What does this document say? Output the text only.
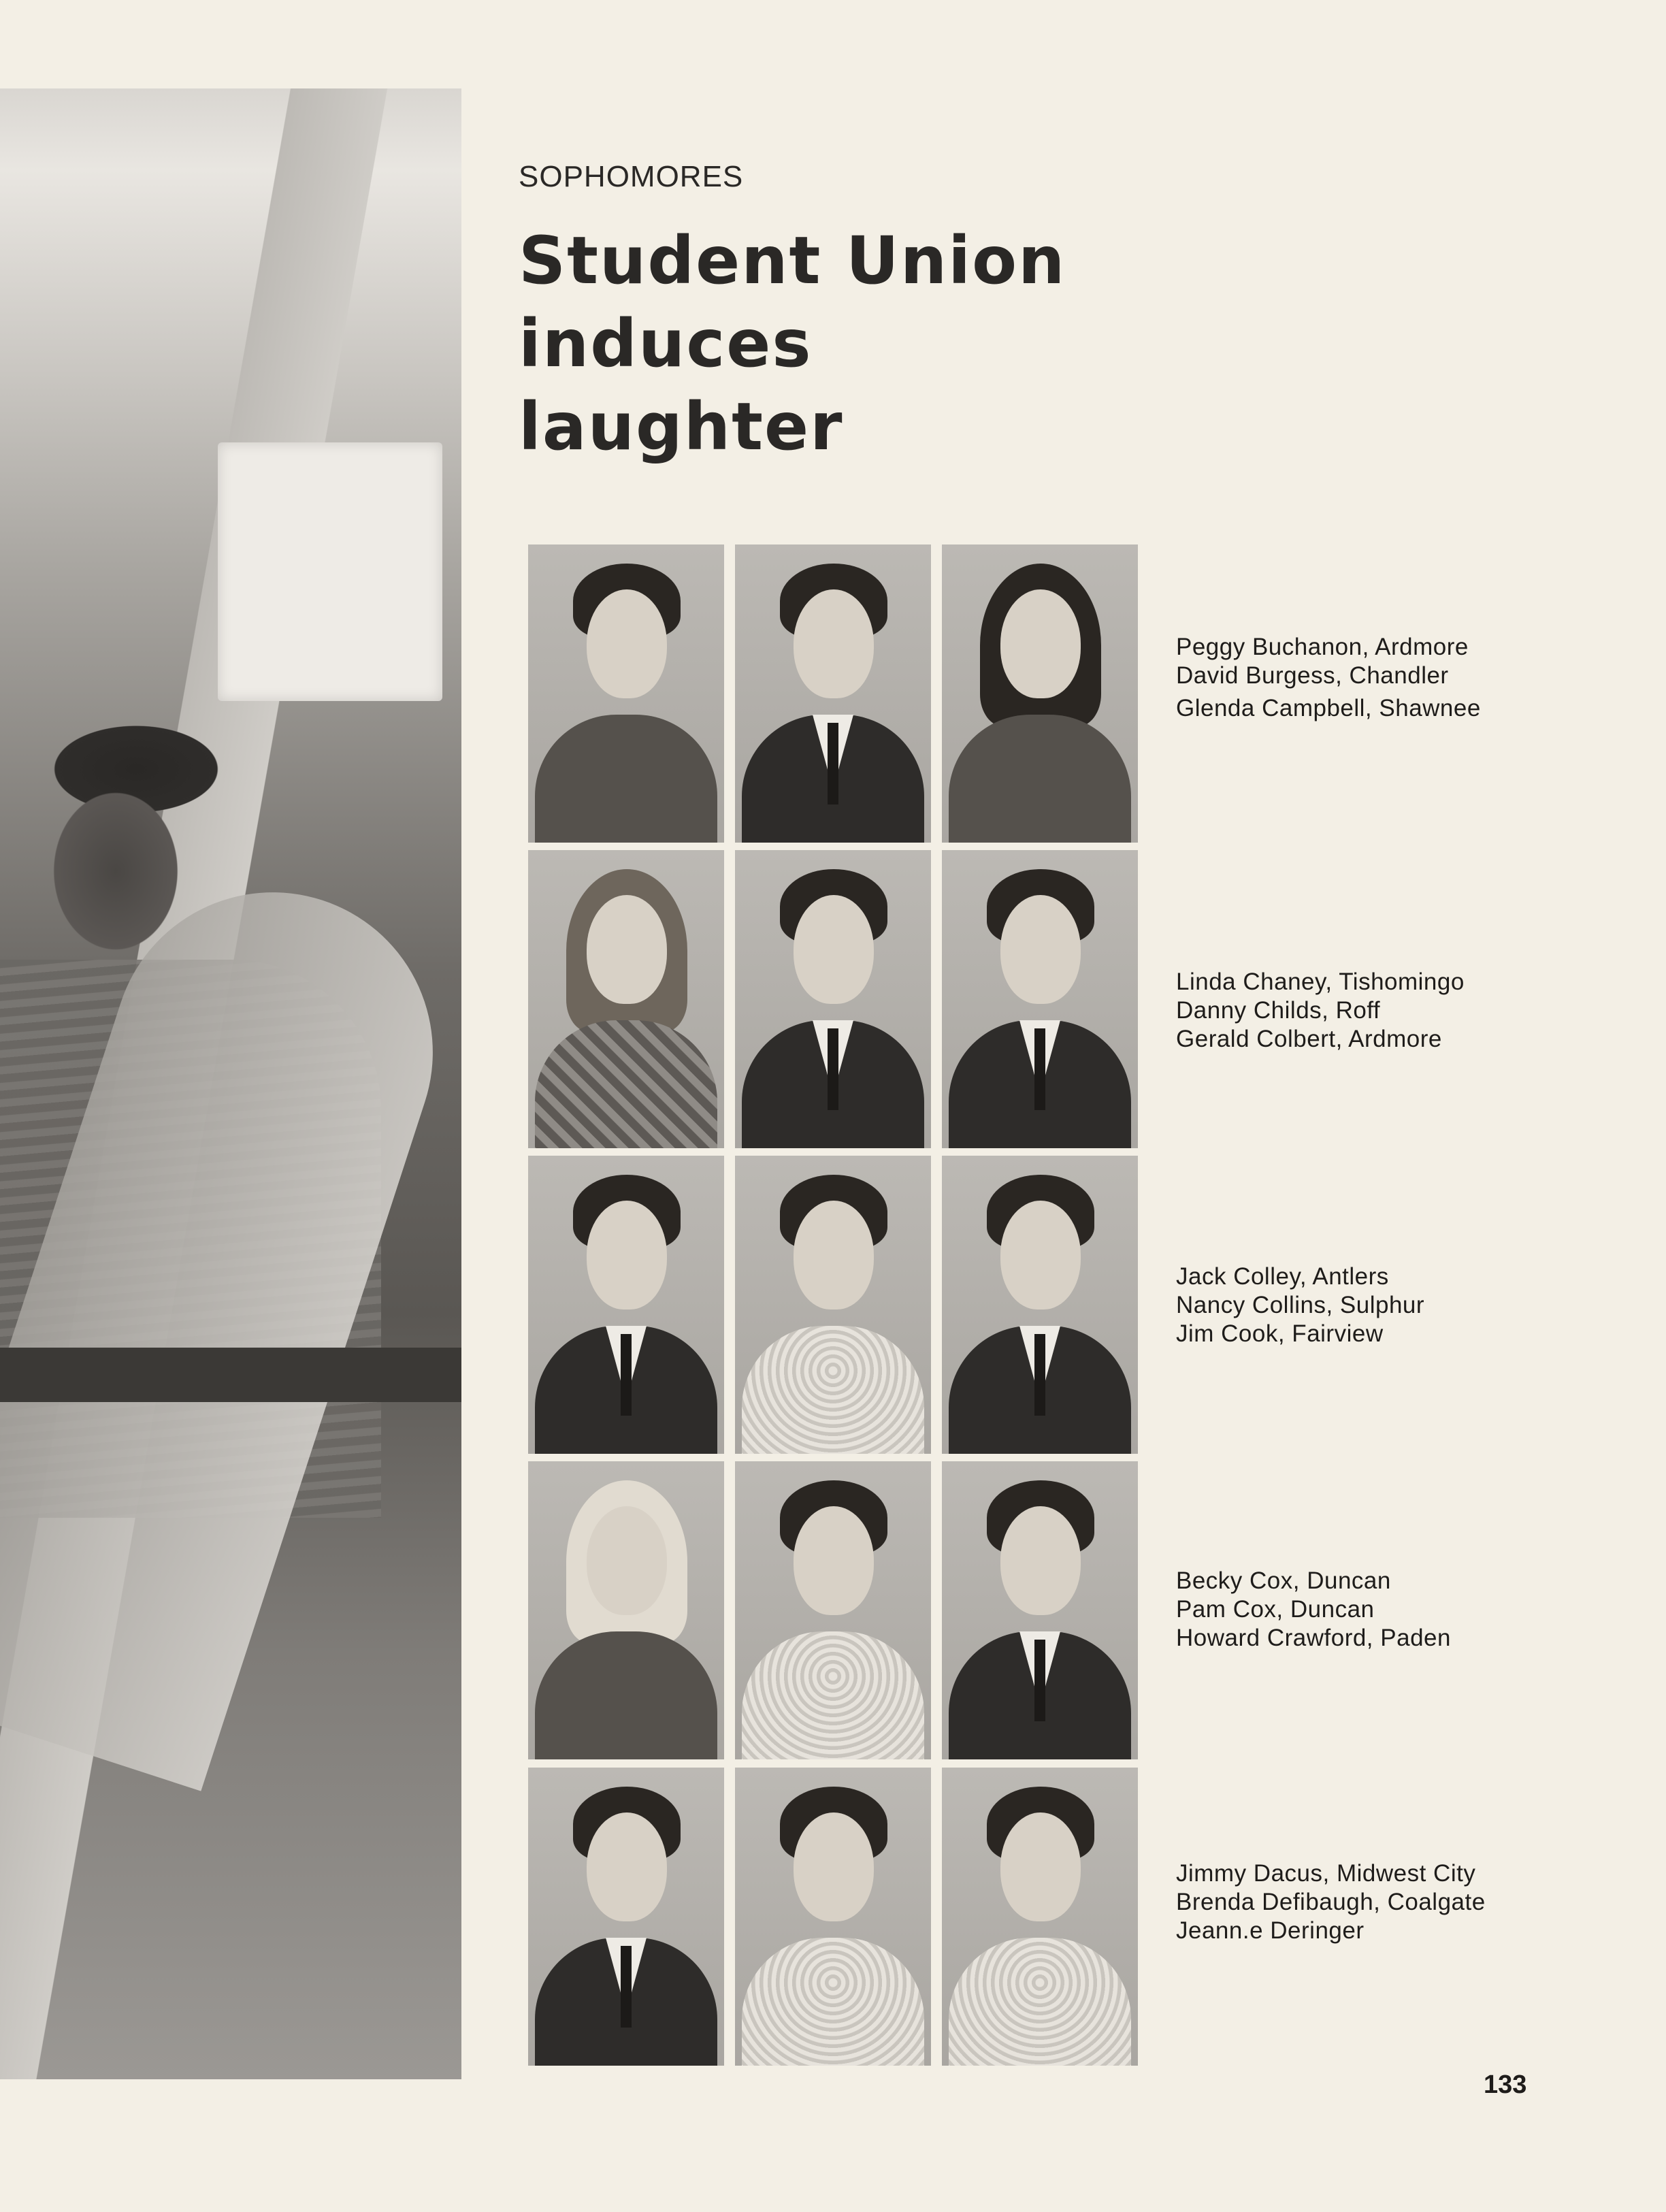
SOPHOMORES
Student Union
induces
laughter
Peggy Buchanon, Ardmore
David Burgess, Chandler
Glenda Campbell, Shawnee
Linda Chaney, Tishomingo
Danny Childs, Roff
Gerald Colbert, Ardmore
Jack Colley, Antlers
Nancy Collins, Sulphur
Jim Cook, Fairview
Becky Cox, Duncan
Pam Cox, Duncan
Howard Crawford, Paden
Jimmy Dacus, Midwest City
Brenda Defibaugh, Coalgate
Jeann.e Deringer
133
